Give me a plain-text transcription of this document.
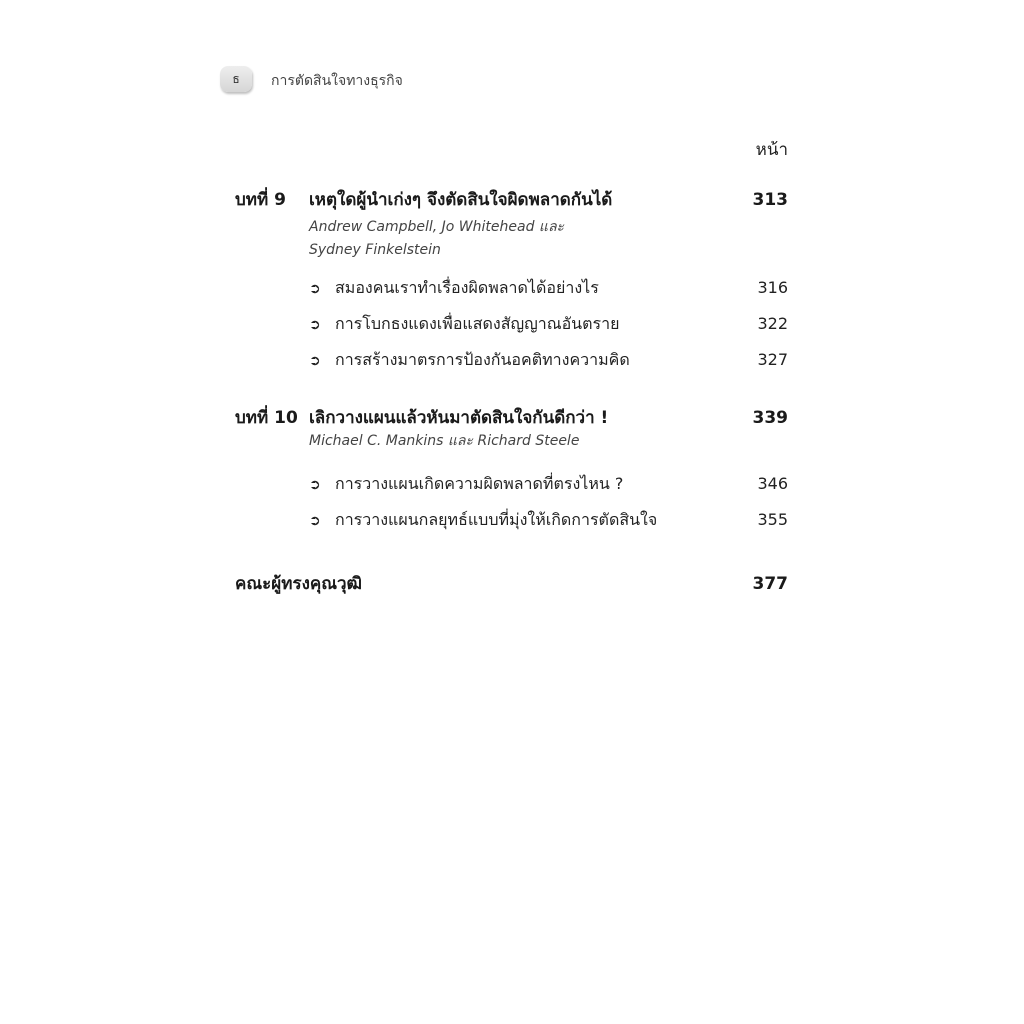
ธ การตัดสินใจทางธุรกิจ
หน้า
บทที่ 9	เหตุใดผู้นำเก่งๆ จึงตัดสินใจผิดพลาดกันได้	313
Andrew Campbell, Jo Whitehead และ
Sydney Finkelstein
➲ สมองคนเราทำเรื่องผิดพลาดได้อย่างไร	316
➲ การโบกธงแดงเพื่อแสดงสัญญาณอันตราย	322
➲ การสร้างมาตรการป้องกันอคติทางความคิด	327
บทที่ 10 เลิกวางแผนแล้วหันมาตัดสินใจกันดีกว่า !	339
Michael C. Mankins และ Richard Steele
➲ การวางแผนเกิดความผิดพลาดที่ตรงไหน ?	346
➲ การวางแผนกลยุทธ์แบบที่มุ่งให้เกิดการตัดสินใจ	355
คณะผู้ทรงคุณวุฒิ	377
